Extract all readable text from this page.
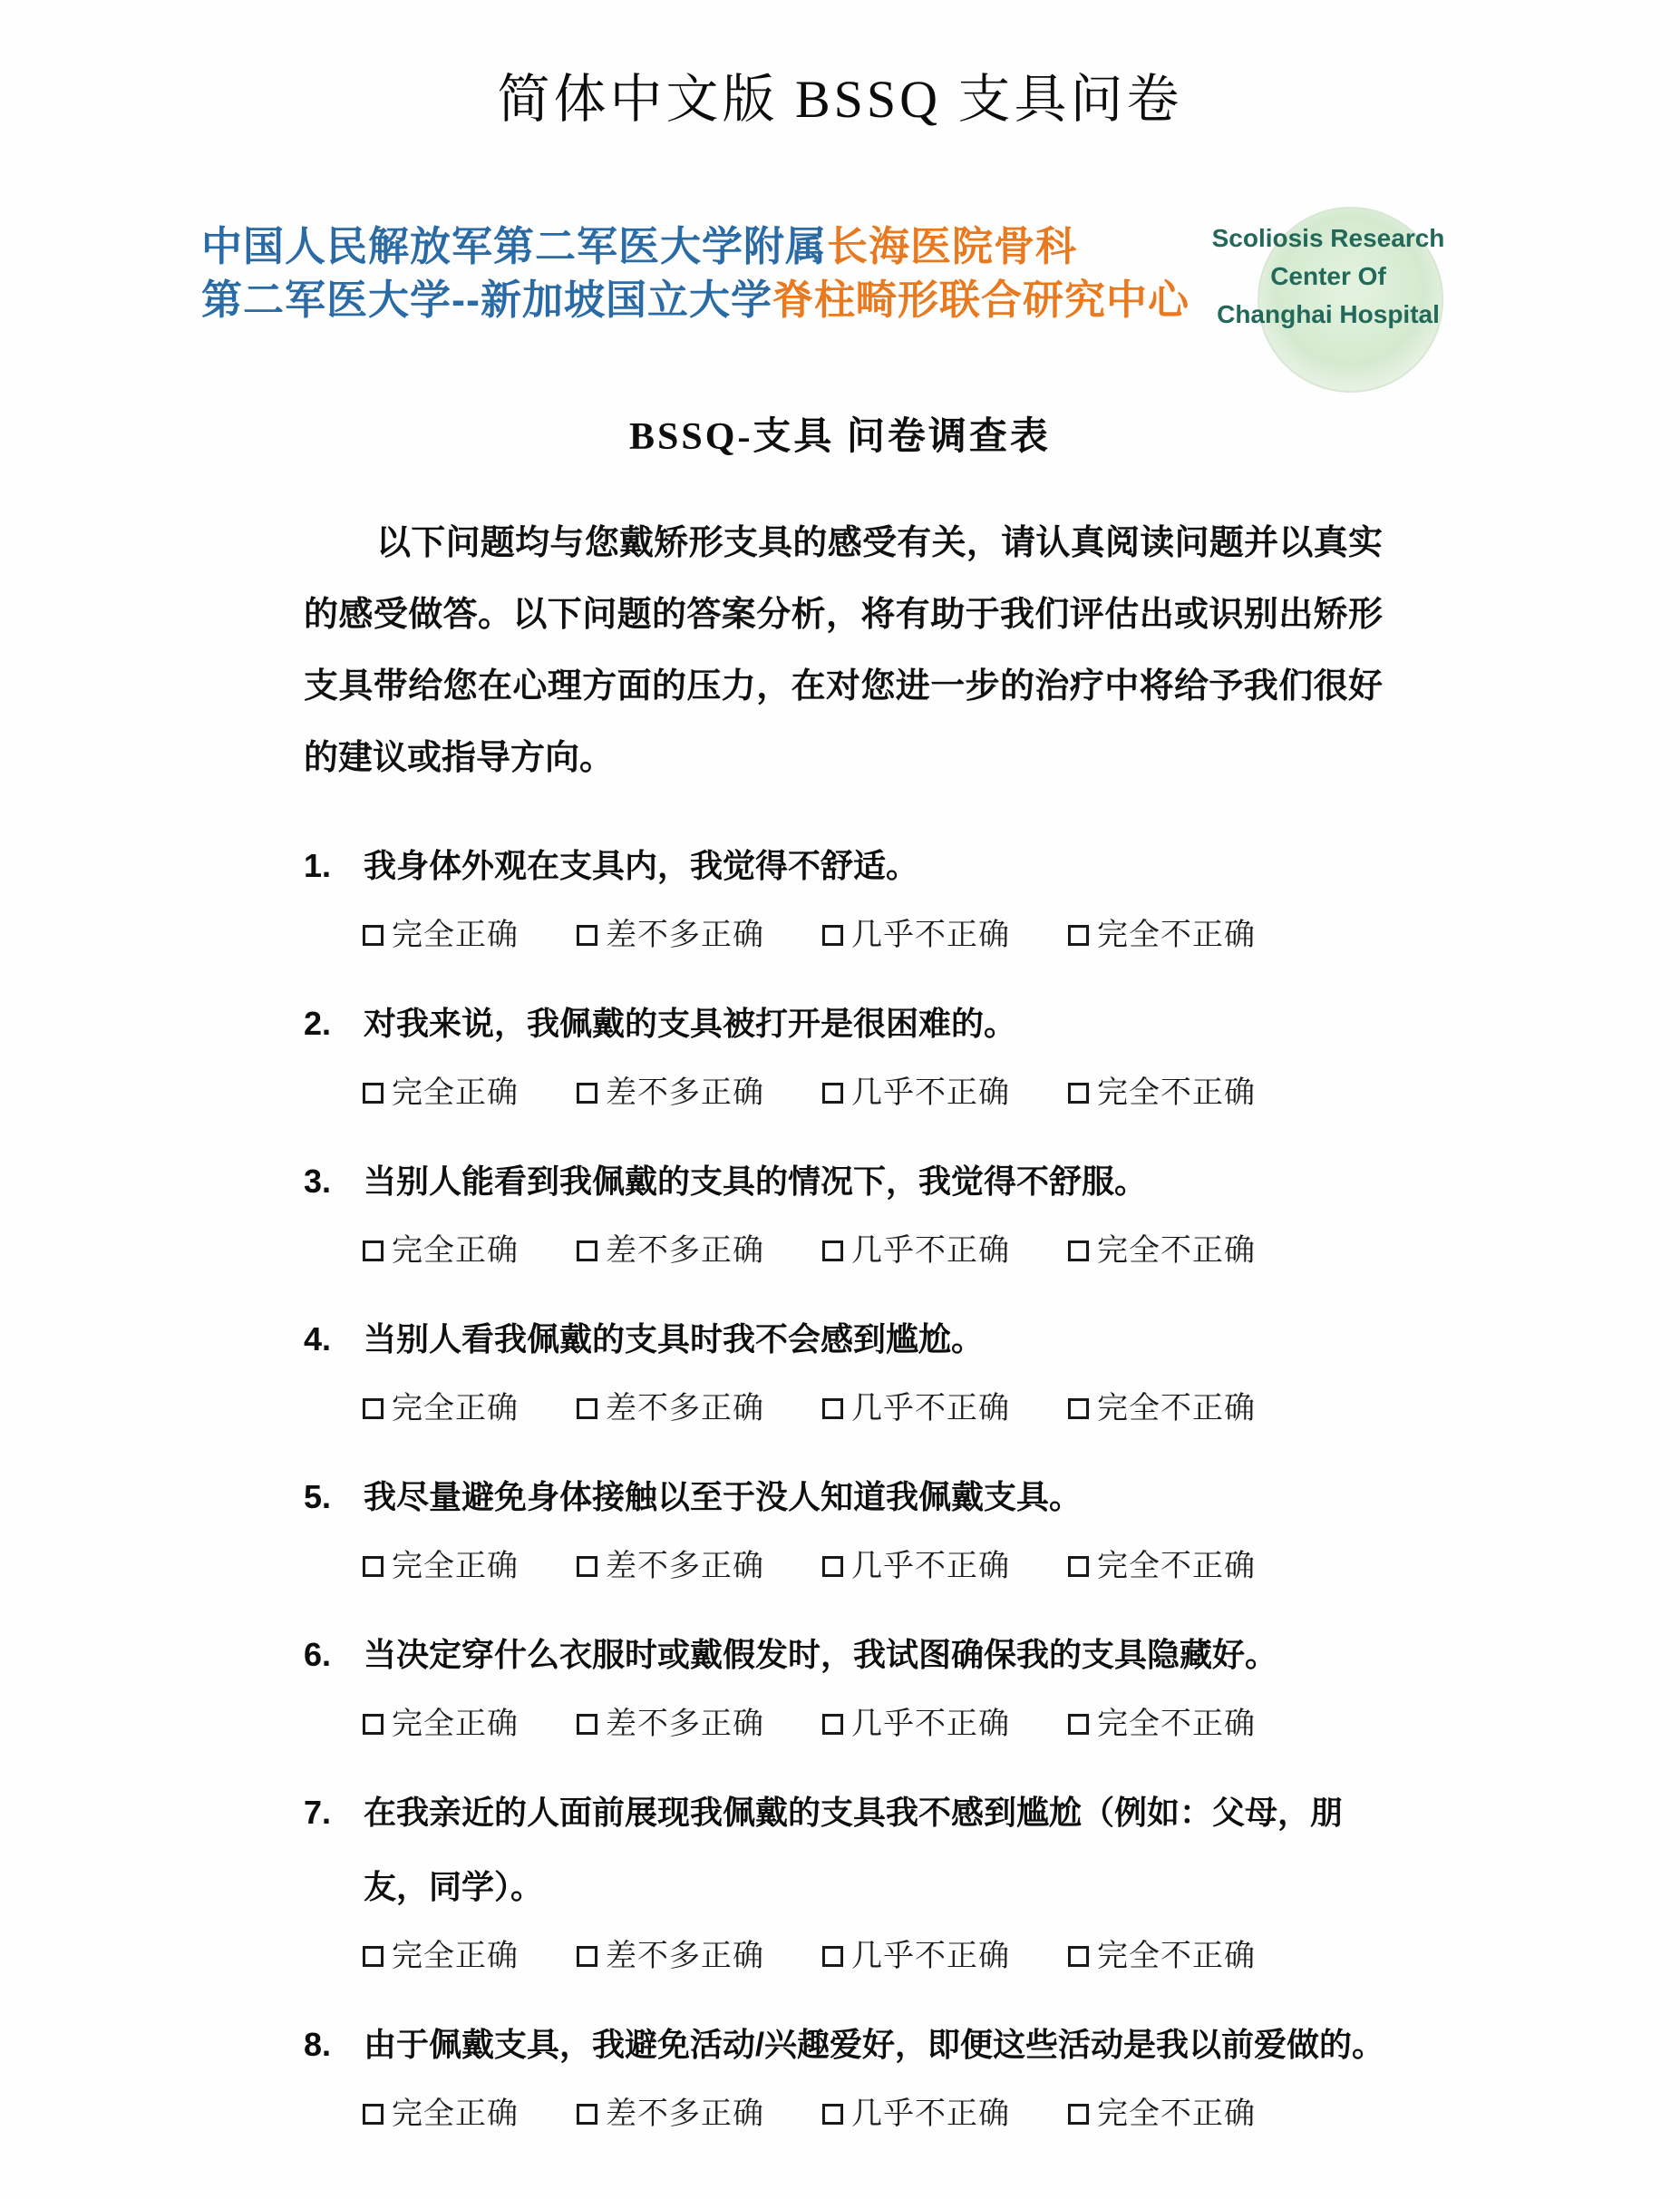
简体中文版 BSSQ 支具问卷
中国人民解放军第二军医大学附属长海医院骨科
第二军医大学--新加坡国立大学脊柱畸形联合研究中心
Scoliosis Research Center Of
Changhai Hospital
BSSQ-支具 问卷调查表

以下问题均与您戴矫形支具的感受有关，请认真阅读问题并以真实的感受做答。以下问题的答案分析，将有助于我们评估出或识别出矫形支具带给您在心理方面的压力，在对您进一步的治疗中将给予我们很好的建议或指导方向。

1. 我身体外观在支具内，我觉得不舒适。
完全正确	差不多正确	几乎不正确	完全不正确
2. 对我来说，我佩戴的支具被打开是很困难的。
完全正确	差不多正确	几乎不正确	完全不正确
3. 当别人能看到我佩戴的支具的情况下，我觉得不舒服。
完全正确	差不多正确	几乎不正确	完全不正确
4. 当别人看我佩戴的支具时我不会感到尴尬。
完全正确	差不多正确	几乎不正确	完全不正确
5. 我尽量避免身体接触以至于没人知道我佩戴支具。
完全正确	差不多正确	几乎不正确	完全不正确
6. 当决定穿什么衣服时或戴假发时，我试图确保我的支具隐藏好。
完全正确	差不多正确	几乎不正确	完全不正确
7. 在我亲近的人面前展现我佩戴的支具我不感到尴尬（例如：父母，朋友，同学）。
完全正确	差不多正确	几乎不正确	完全不正确
8. 由于佩戴支具，我避免活动/兴趣爱好，即便这些活动是我以前爱做的。
完全正确	差不多正确	几乎不正确	完全不正确
